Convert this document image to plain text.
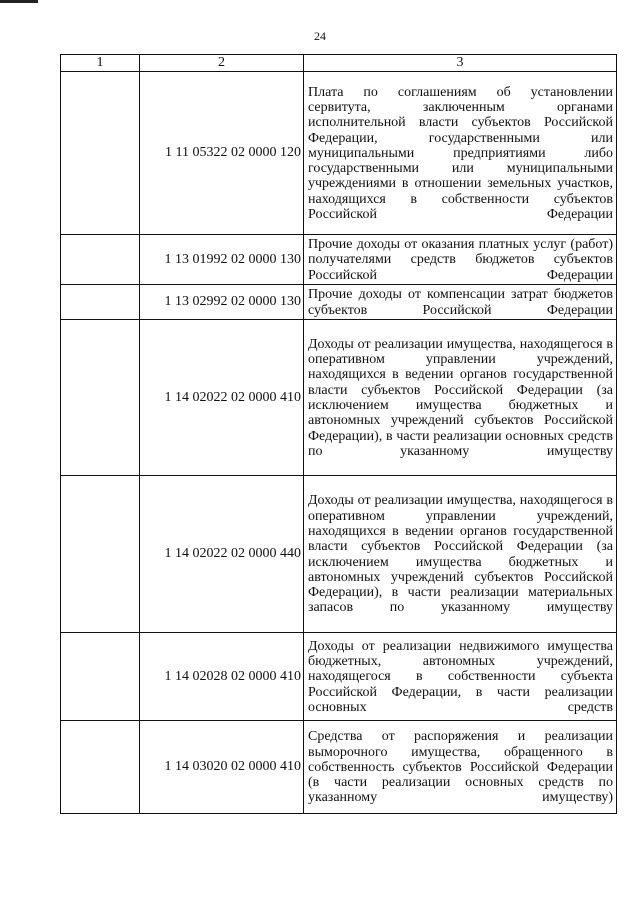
24
1	2	3
	1 11 05322 02 0000 120	Плата по соглашениям об установлении сервитута, заключенным органами исполнительной власти субъектов Российской Федерации, государственными или муниципальными предприятиями либо государственными или муниципальными учреждениями в отношении земельных участков, находящихся в собственности субъектов Российской Федерации
	1 13 01992 02 0000 130	Прочие доходы от оказания платных услуг (работ) получателями средств бюджетов субъектов Российской Федерации
	1 13 02992 02 0000 130	Прочие доходы от компенсации затрат бюджетов субъектов Российской Федерации
	1 14 02022 02 0000 410	Доходы от реализации имущества, находящегося в оперативном управлении учреждений, находящихся в ведении органов государственной власти субъектов Российской Федерации (за исключением имущества бюджетных и автономных учреждений субъектов Российской Федерации), в части реализации основных средств по указанному имуществу
	1 14 02022 02 0000 440	Доходы от реализации имущества, находящегося в оперативном управлении учреждений, находящихся в ведении органов государственной власти субъектов Российской Федерации (за исключением имущества бюджетных и автономных учреждений субъектов Российской Федерации), в части реализации материальных запасов по указанному имуществу
	1 14 02028 02 0000 410	Доходы от реализации недвижимого имущества бюджетных, автономных учреждений, находящегося в собственности субъекта Российской Федерации, в части реализации основных средств
	1 14 03020 02 0000 410	Средства от распоряжения и реализации выморочного имущества, обращенного в собственность субъектов Российской Федерации (в части реализации основных средств по указанному имуществу)
